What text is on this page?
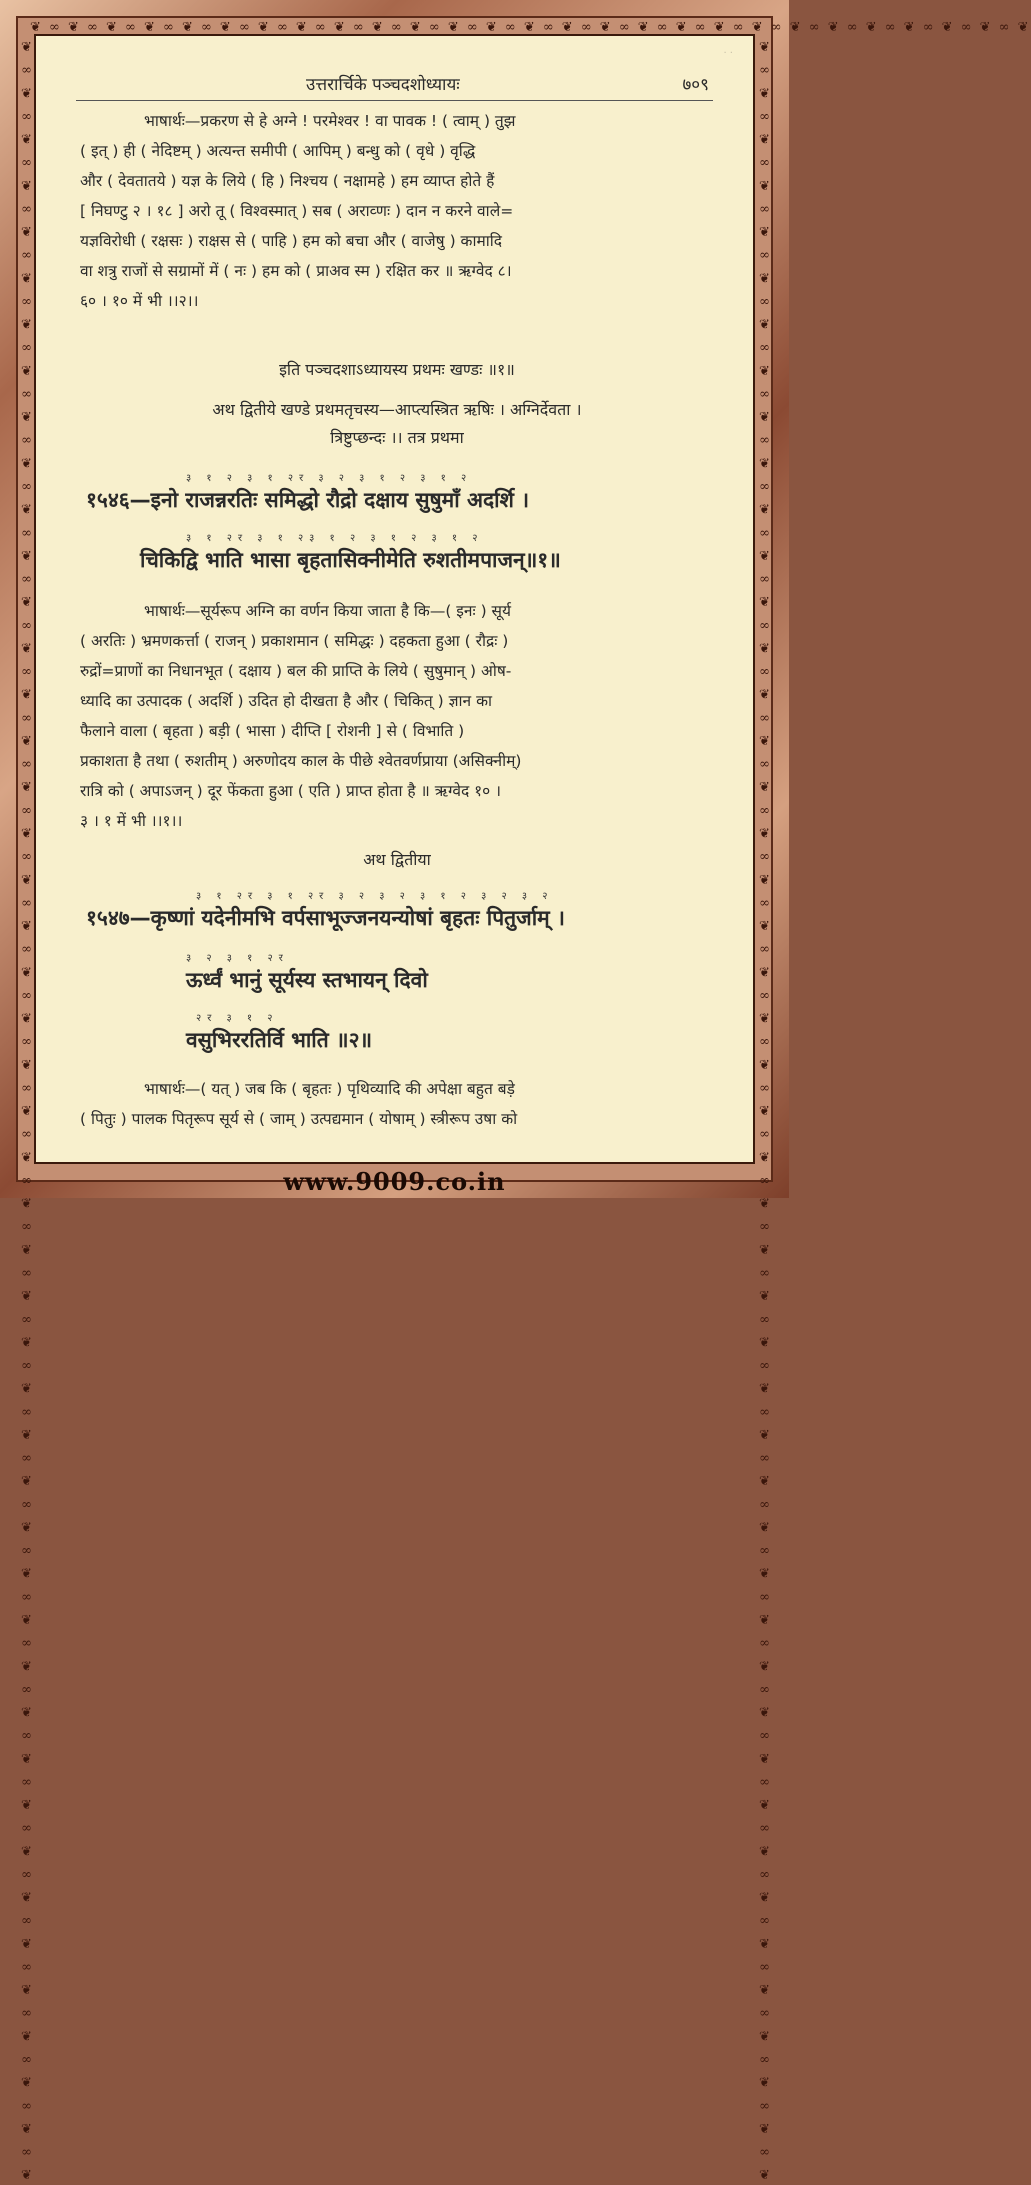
❦ ∞ ❦ ∞ ❦ ∞ ❦ ∞ ❦ ∞ ❦ ∞ ❦ ∞ ❦ ∞ ❦ ∞ ❦ ∞ ❦ ∞ ❦ ∞ ❦ ∞ ❦ ∞ ❦ ∞ ❦ ∞ ❦ ∞ ❦ ∞ ❦ ∞ ❦ ∞ ❦ ∞ ❦ ∞ ❦ ∞ ❦ ∞ ❦ ∞ ❦ ∞ ❦
❦ ∞ ❦ ∞ ❦ ∞ ❦ ∞ ❦ ∞ ❦ ∞ ❦ ∞ ❦ ∞ ❦ ∞ ❦ ∞ ❦ ∞ ❦ ∞ ❦ ∞ ❦ ∞ ❦ ∞ ❦ ∞ ❦ ∞ ❦ ∞ ❦ ∞ ❦ ∞ ❦ ∞ ❦ ∞ ❦ ∞ ❦ ∞ ❦ ∞ ❦ ∞ ❦ ∞ ❦ ∞ ❦ ∞ ❦ ∞ ❦ ∞ ❦ ∞ ❦ ∞ ❦ ∞ ❦ ∞ ❦ ∞ ❦ ∞ ❦ ∞ ❦ ∞ ❦ ∞ ❦ ∞ ❦ ∞ ❦ ∞ ❦ ∞ ❦ ∞ ❦ ∞ ❦	❦ ∞ ❦ ∞ ❦ ∞ ❦ ∞ ❦ ∞ ❦ ∞ ❦ ∞ ❦ ∞ ❦ ∞ ❦ ∞ ❦ ∞ ❦ ∞ ❦ ∞ ❦ ∞ ❦ ∞ ❦ ∞ ❦ ∞ ❦ ∞ ❦ ∞ ❦ ∞ ❦ ∞ ❦ ∞ ❦ ∞ ❦ ∞ ❦ ∞ ❦ ∞ ❦ ∞ ❦ ∞ ❦ ∞ ❦ ∞ ❦ ∞ ❦ ∞ ❦ ∞ ❦ ∞ ❦ ∞ ❦ ∞ ❦ ∞ ❦ ∞ ❦ ∞ ❦ ∞ ❦ ∞ ❦ ∞ ❦ ∞ ❦ ∞ ❦ ∞ ❦ ∞ ❦
www.9009.co.in
· ·
उत्तरार्चिके पञ्चदशोध्यायः	७०९
भाषार्थः—प्रकरण से हे अग्ने ! परमेश्वर ! वा पावक ! ( त्वाम् ) तुझ
( इत् ) ही ( नेदिष्टम् ) अत्यन्त समीपी ( आपिम् ) बन्धु को ( वृधे ) वृद्धि
और ( देवतातये ) यज्ञ के लिये ( हि ) निश्चय ( नक्षामहे ) हम व्याप्त होते हैं
[ निघण्टु २ । १८ ] अरो तू ( विश्वस्मात् ) सब ( अराव्णः ) दान न करने वाले=
यज्ञविरोधी ( रक्षसः ) राक्षस से ( पाहि ) हम को बचा और ( वाजेषु ) कामादि
वा शत्रु राजों से सग्रामों में ( नः ) हम को ( प्राअव स्म ) रक्षित कर ॥ ऋग्वेद ८।
६० । १० में भी ।।२।।
इति पञ्चदशाऽध्यायस्य प्रथमः खण्डः ॥१॥
अथ द्वितीये खण्डे प्रथमतृचस्य—आप्त्यस्त्रित ऋषिः । अग्निर्देवता ।
त्रिष्टुप्छन्दः ।। तत्र प्रथमा
३ १ २ ३ १ २र ३ २ ३ १ २ ३ १ २
१५४६—इनो राजन्नरतिः समिद्धो रौद्रो दक्षाय सुषुमाँ अदर्शि ।
३ १ २र ३ १ २३ १ २ ३ १ २ ३ १ २
चिकिद्वि भाति भासा बृहतासिक्नीमेति रुशतीमपाजन्॥१॥
भाषार्थः—सूर्यरूप अग्नि का वर्णन किया जाता है कि—( इनः ) सूर्य
( अरतिः ) भ्रमणकर्त्ता ( राजन् ) प्रकाशमान ( समिद्धः ) दहकता हुआ ( रौद्रः )
रुद्रों=प्राणों का निधानभूत ( दक्षाय ) बल की प्राप्ति के लिये ( सुषुमान् ) ओष-
ध्यादि का उत्पादक ( अदर्शि ) उदित हो दीखता है और ( चिकित् ) ज्ञान का
फैलाने वाला ( बृहता ) बड़ी ( भासा ) दीप्ति [ रोशनी ] से ( विभाति )
प्रकाशता है तथा ( रुशतीम् ) अरुणोदय काल के पीछे श्वेतवर्णप्राया (असिक्नीम्)
रात्रि को ( अपाऽजन् ) दूर फेंकता हुआ ( एति ) प्राप्त होता है ॥ ऋग्वेद १० ।
३ । १ में भी ।।१।।
अथ द्वितीया
३ १ २र ३ १ २र ३ २ ३ २ ३ १ २ ३ २ ३ २
१५४७—कृष्णां यदेनीमभि वर्पसाभूज्जनयन्योषां बृहतः पितुर्जाम् ।
३ २ ३ १ २र
ऊर्ध्वं भानुं सूर्यस्य स्तभायन् दिवो
२र ३ १ २
वसुभिररतिर्वि भाति ॥२॥
भाषार्थः—( यत् ) जब कि ( बृहतः ) पृथिव्यादि की अपेक्षा बहुत बड़े
( पितुः ) पालक पितृरूप सूर्य से ( जाम् ) उत्पद्यमान ( योषाम् ) स्त्रीरूप उषा को
